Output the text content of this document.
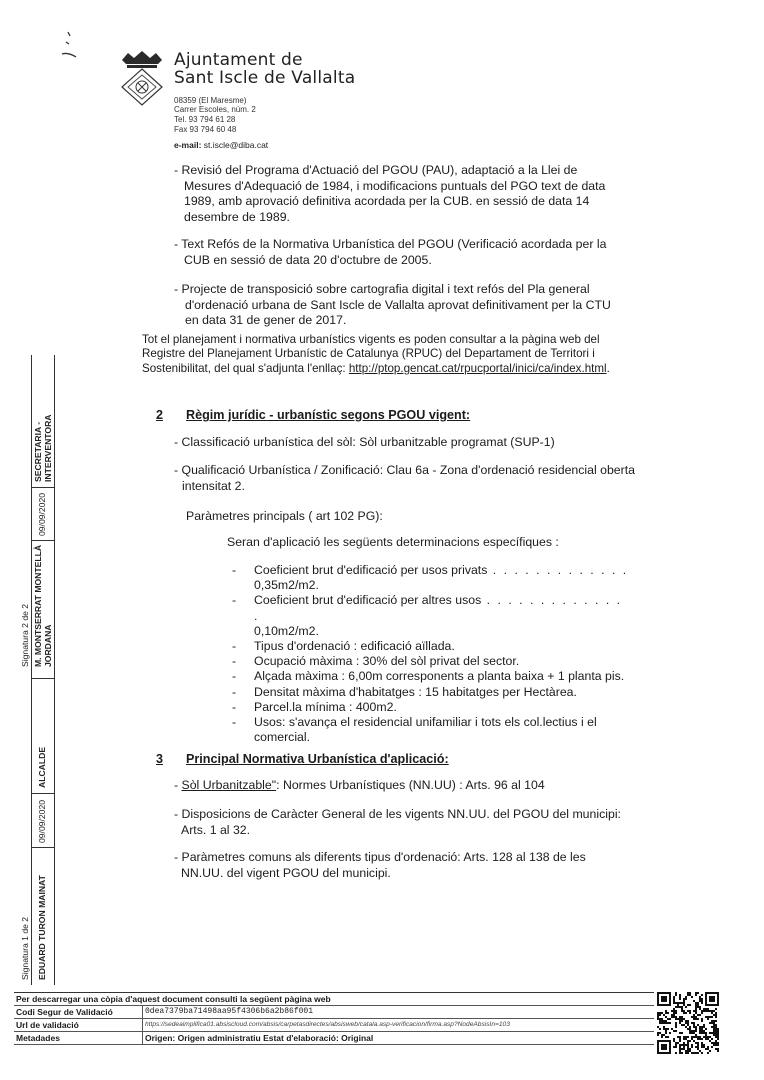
Ajuntament de
Sant Iscle de Vallalta
08359 (El Maresme)
Carrer Escoles, núm. 2
Tel. 93 794 61 28
Fax 93 794 60 48
e-mail: st.iscle@diba.cat
- Revisió del Programa d'Actuació del PGOU (PAU), adaptació a la Llei de
Mesures d'Adequació de 1984, i modificacions puntuals del PGO text de data
1989, amb aprovació definitiva acordada per la CUB. en sessió de data 14
desembre de 1989.
- Text Refós de la Normativa Urbanística del PGOU (Verificació acordada per la
CUB en sessió de data 20 d'octubre de 2005.
- Projecte de transposició sobre cartografia digital i text refós del Pla general
d'ordenació urbana de Sant Iscle de Vallalta aprovat definitivament per la CTU
en data 31 de gener de 2017.
Tot el planejament i normativa urbanístics vigents es poden consultar a la pàgina web del
Registre del Planejament Urbanístic de Catalunya (RPUC) del Departament de Territori i
Sostenibilitat, del qual s'adjunta l'enllaç: http://ptop.gencat.cat/rpucportal/inici/ca/index.html.
2 Règim jurídic - urbanístic segons PGOU vigent:
- Classificació urbanística del sòl: Sòl urbanitzable programat (SUP-1)
- Qualificació Urbanística / Zonificació: Clau 6a - Zona d'ordenació residencial oberta
intensitat 2.
Paràmetres principals ( art 102 PG):
Seran d'aplicació les següents determinacions específiques :
- Coeficient brut d'edificació per usos privats . . . . . . . . . . . . .
0,35m2/m2.
- Coeficient brut d'edificació per altres usos . . . . . . . . . . . . . .
0,10m2/m2.
- Tipus d'ordenació : edificació aïllada.
- Ocupació màxima : 30% del sòl privat del sector.
- Alçada màxima : 6,00m corresponents a planta baixa + 1 planta pis.
- Densitat màxima d'habitatges : 15 habitatges per Hectàrea.
- Parcel.la mínima : 400m2.
- Usos: s'avança el residencial unifamiliar i tots els col.lectius i el
comercial.
3 Principal Normativa Urbanística d'aplicació:
- Sòl Urbanitzable": Normes Urbanístiques (NN.UU) : Arts. 96 al 104
- Disposicions de Caràcter General de les vigents NN.UU. del PGOU del municipi:
Arts. 1 al 32.
- Paràmetres comuns als diferents tipus d'ordenació: Arts. 128 al 138 de les
NN.UU. del vigent PGOU del municipi.
SECRETARIA - INTERVENTORA
09/09/2020
M. MONTSERRAT MONTELLÀ JORDANA
Signatura 2 de 2
ALCALDE
09/09/2020
EDUARD TURON MAINAT
Signatura 1 de 2
Per descarregar una còpia d'aquest document consulti la següent pàgina web
Codi Segur de Validació	0dea7379ba71498aa95f4306b6a2b86f001
Url de validació	https://sedeaimplifica01.absiscloud.com/absis/carpetasdirectes/absisweb/catala.asp-verificacion/firma.asp?NodeAbsisIn=103
Metadades	Origen: Origen administratiu Estat d'elaboració: Original
